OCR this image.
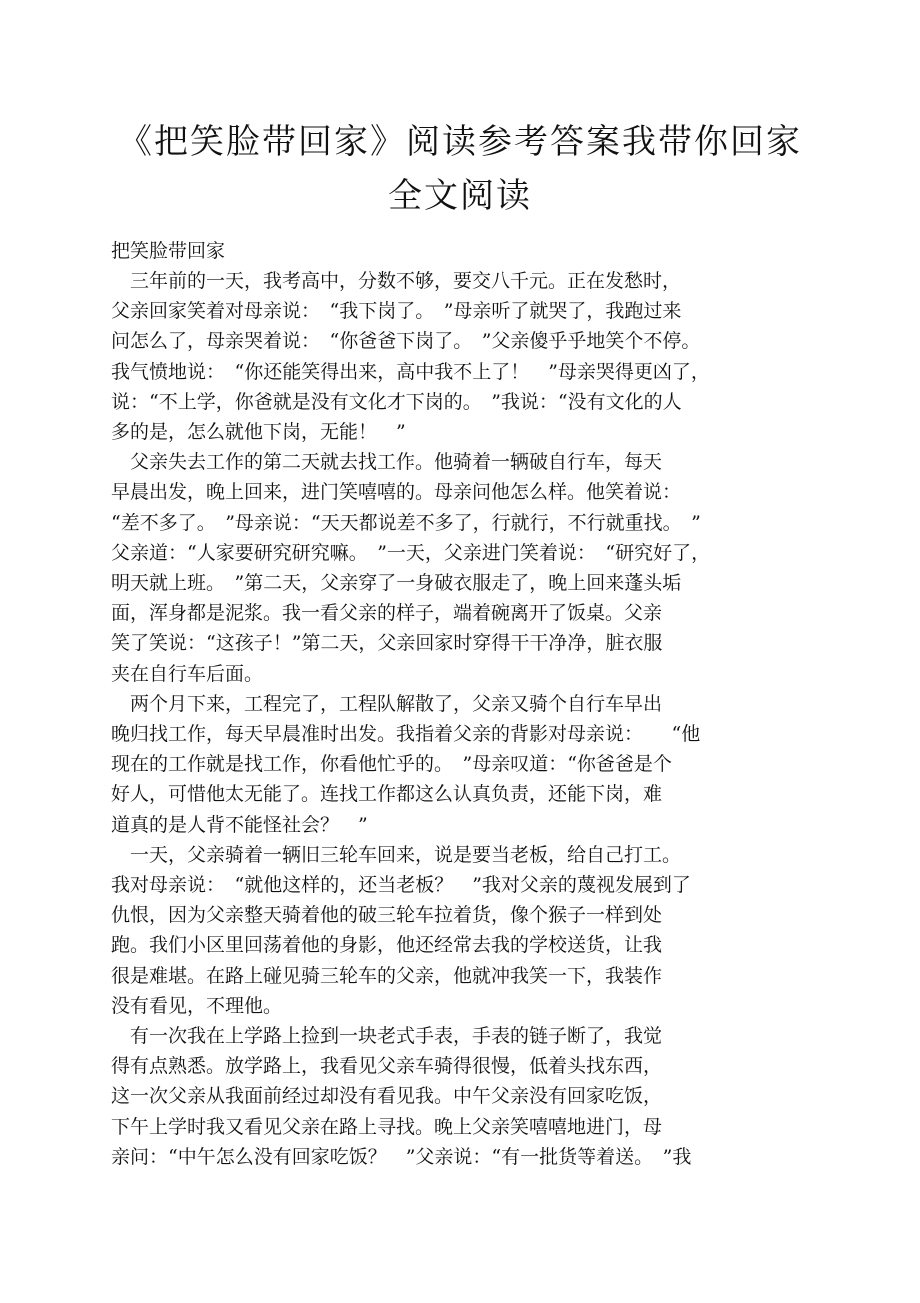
《把笑脸带回家》阅读参考答案我带你回家
全文阅读
把笑脸带回家
　三年前的一天，我考高中，分数不够，要交八千元。正在发愁时，
父亲回家笑着对母亲说：　“我下岗了。　”母亲听了就哭了，我跑过来
问怎么了，母亲哭着说：　“你爸爸下岗了。　”父亲傻乎乎地笑个不停。
我气愤地说：　“你还能笑得出来，高中我不上了！　”母亲哭得更凶了，
说：“不上学，你爸就是没有文化才下岗的。　”我说：“没有文化的人
多的是，怎么就他下岗，无能！　”
　父亲失去工作的第二天就去找工作。他骑着一辆破自行车，每天
早晨出发，晚上回来，进门笑嘻嘻的。母亲问他怎么样。他笑着说：
“差不多了。　”母亲说：“天天都说差不多了，行就行，不行就重找。　”
父亲道：“人家要研究研究嘛。　”一天，父亲进门笑着说：　“研究好了，
明天就上班。　”第二天，父亲穿了一身破衣服走了，晚上回来蓬头垢
面，浑身都是泥浆。我一看父亲的样子，端着碗离开了饭桌。父亲
笑了笑说：“这孩子！”第二天，父亲回家时穿得干干净净，脏衣服
夹在自行车后面。
　两个月下来，工程完了，工程队解散了，父亲又骑个自行车早出
晚归找工作，每天早晨准时出发。我指着父亲的背影对母亲说：　　“他
现在的工作就是找工作，你看他忙乎的。　”母亲叹道：“你爸爸是个
好人，可惜他太无能了。连找工作都这么认真负责，还能下岗，难
道真的是人背不能怪社会？　”
　一天，父亲骑着一辆旧三轮车回来，说是要当老板，给自己打工。
我对母亲说：　“就他这样的，还当老板？　”我对父亲的蔑视发展到了
仇恨，因为父亲整天骑着他的破三轮车拉着货，像个猴子一样到处
跑。我们小区里回荡着他的身影，他还经常去我的学校送货，让我
很是难堪。在路上碰见骑三轮车的父亲，他就冲我笑一下，我装作
没有看见，不理他。
　有一次我在上学路上捡到一块老式手表，手表的链子断了，我觉
得有点熟悉。放学路上，我看见父亲车骑得很慢，低着头找东西，
这一次父亲从我面前经过却没有看见我。中午父亲没有回家吃饭，
下午上学时我又看见父亲在路上寻找。晚上父亲笑嘻嘻地进门，母
亲问：“中午怎么没有回家吃饭？　”父亲说：“有一批货等着送。　”我
